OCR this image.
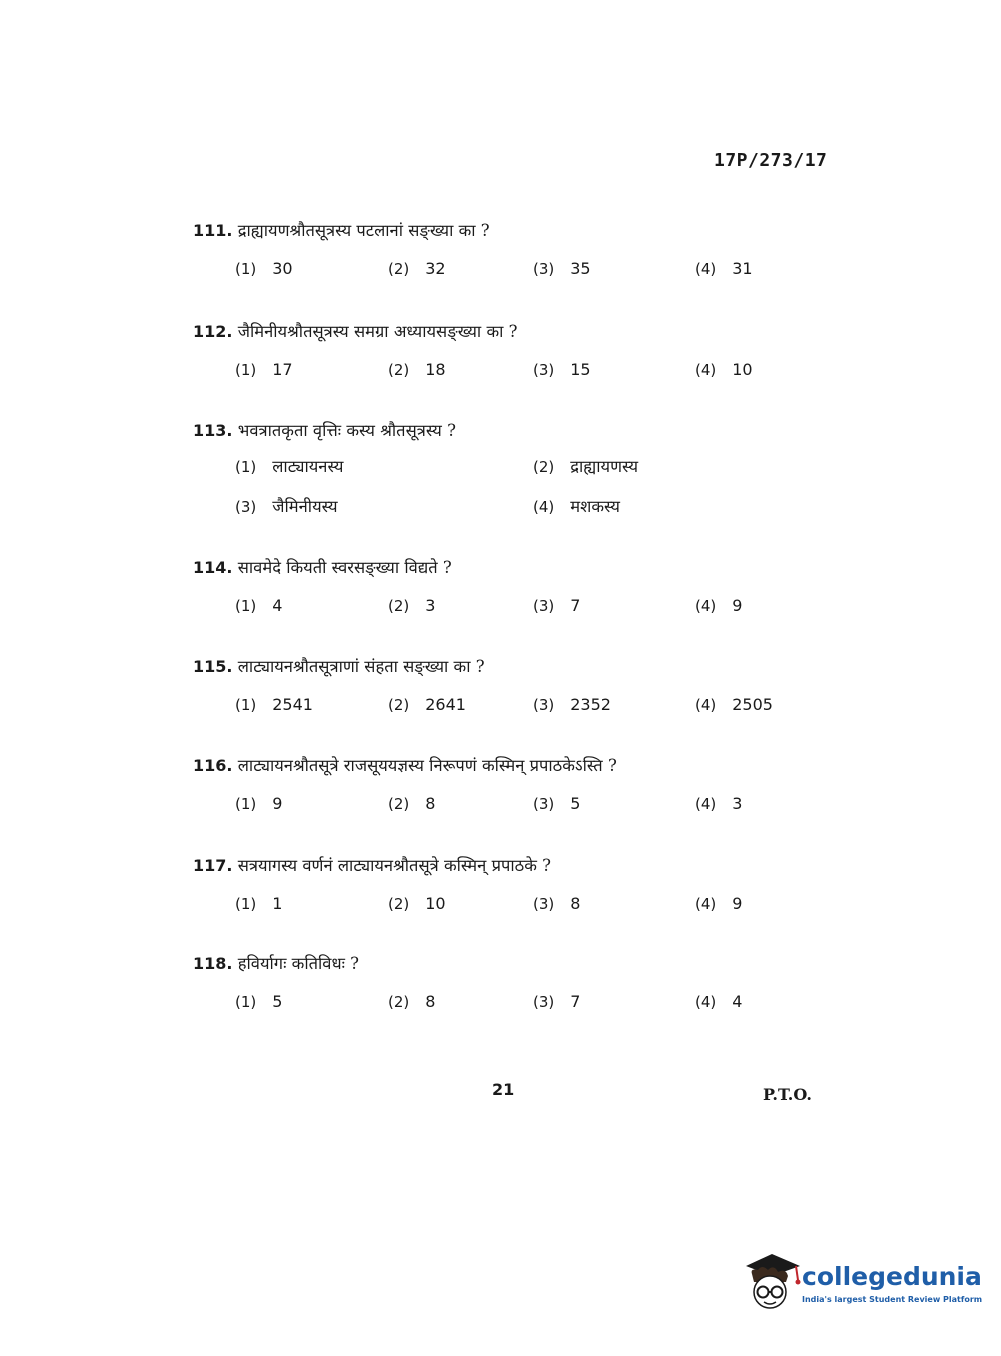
17P/273/17
111. द्राह्यायणश्रौतसूत्रस्य पटलानां सङ्ख्या का ?
(1) 30	(2) 32	(3) 35	(4) 31
112. जैमिनीयश्रौतसूत्रस्य समग्रा अध्यायसङ्ख्या का ?
(1) 17	(2) 18	(3) 15	(4) 10
113. भवत्रातकृता वृत्तिः कस्य श्रौतसूत्रस्य ?
(1) लाट्यायनस्य	(2) द्राह्यायणस्य
(3) जैमिनीयस्य	(4) मशकस्य
114. सावमेदे कियती स्वरसङ्ख्या विद्यते ?
(1) 4	(2) 3	(3) 7	(4) 9
115. लाट्यायनश्रौतसूत्राणां संहता सङ्ख्या का ?
(1) 2541	(2) 2641	(3) 2352	(4) 2505
116. लाट्यायनश्रौतसूत्रे राजसूययज्ञस्य निरूपणं कस्मिन् प्रपाठकेऽस्ति ?
(1) 9	(2) 8	(3) 5	(4) 3
117. सत्रयागस्य वर्णनं लाट्यायनश्रौतसूत्रे कस्मिन् प्रपाठके ?
(1) 1	(2) 10	(3) 8	(4) 9
118. हविर्यागः कतिविधः ?
(1) 5	(2) 8	(3) 7	(4) 4
21	P.T.O.
collegedunia
India's largest Student Review Platform
